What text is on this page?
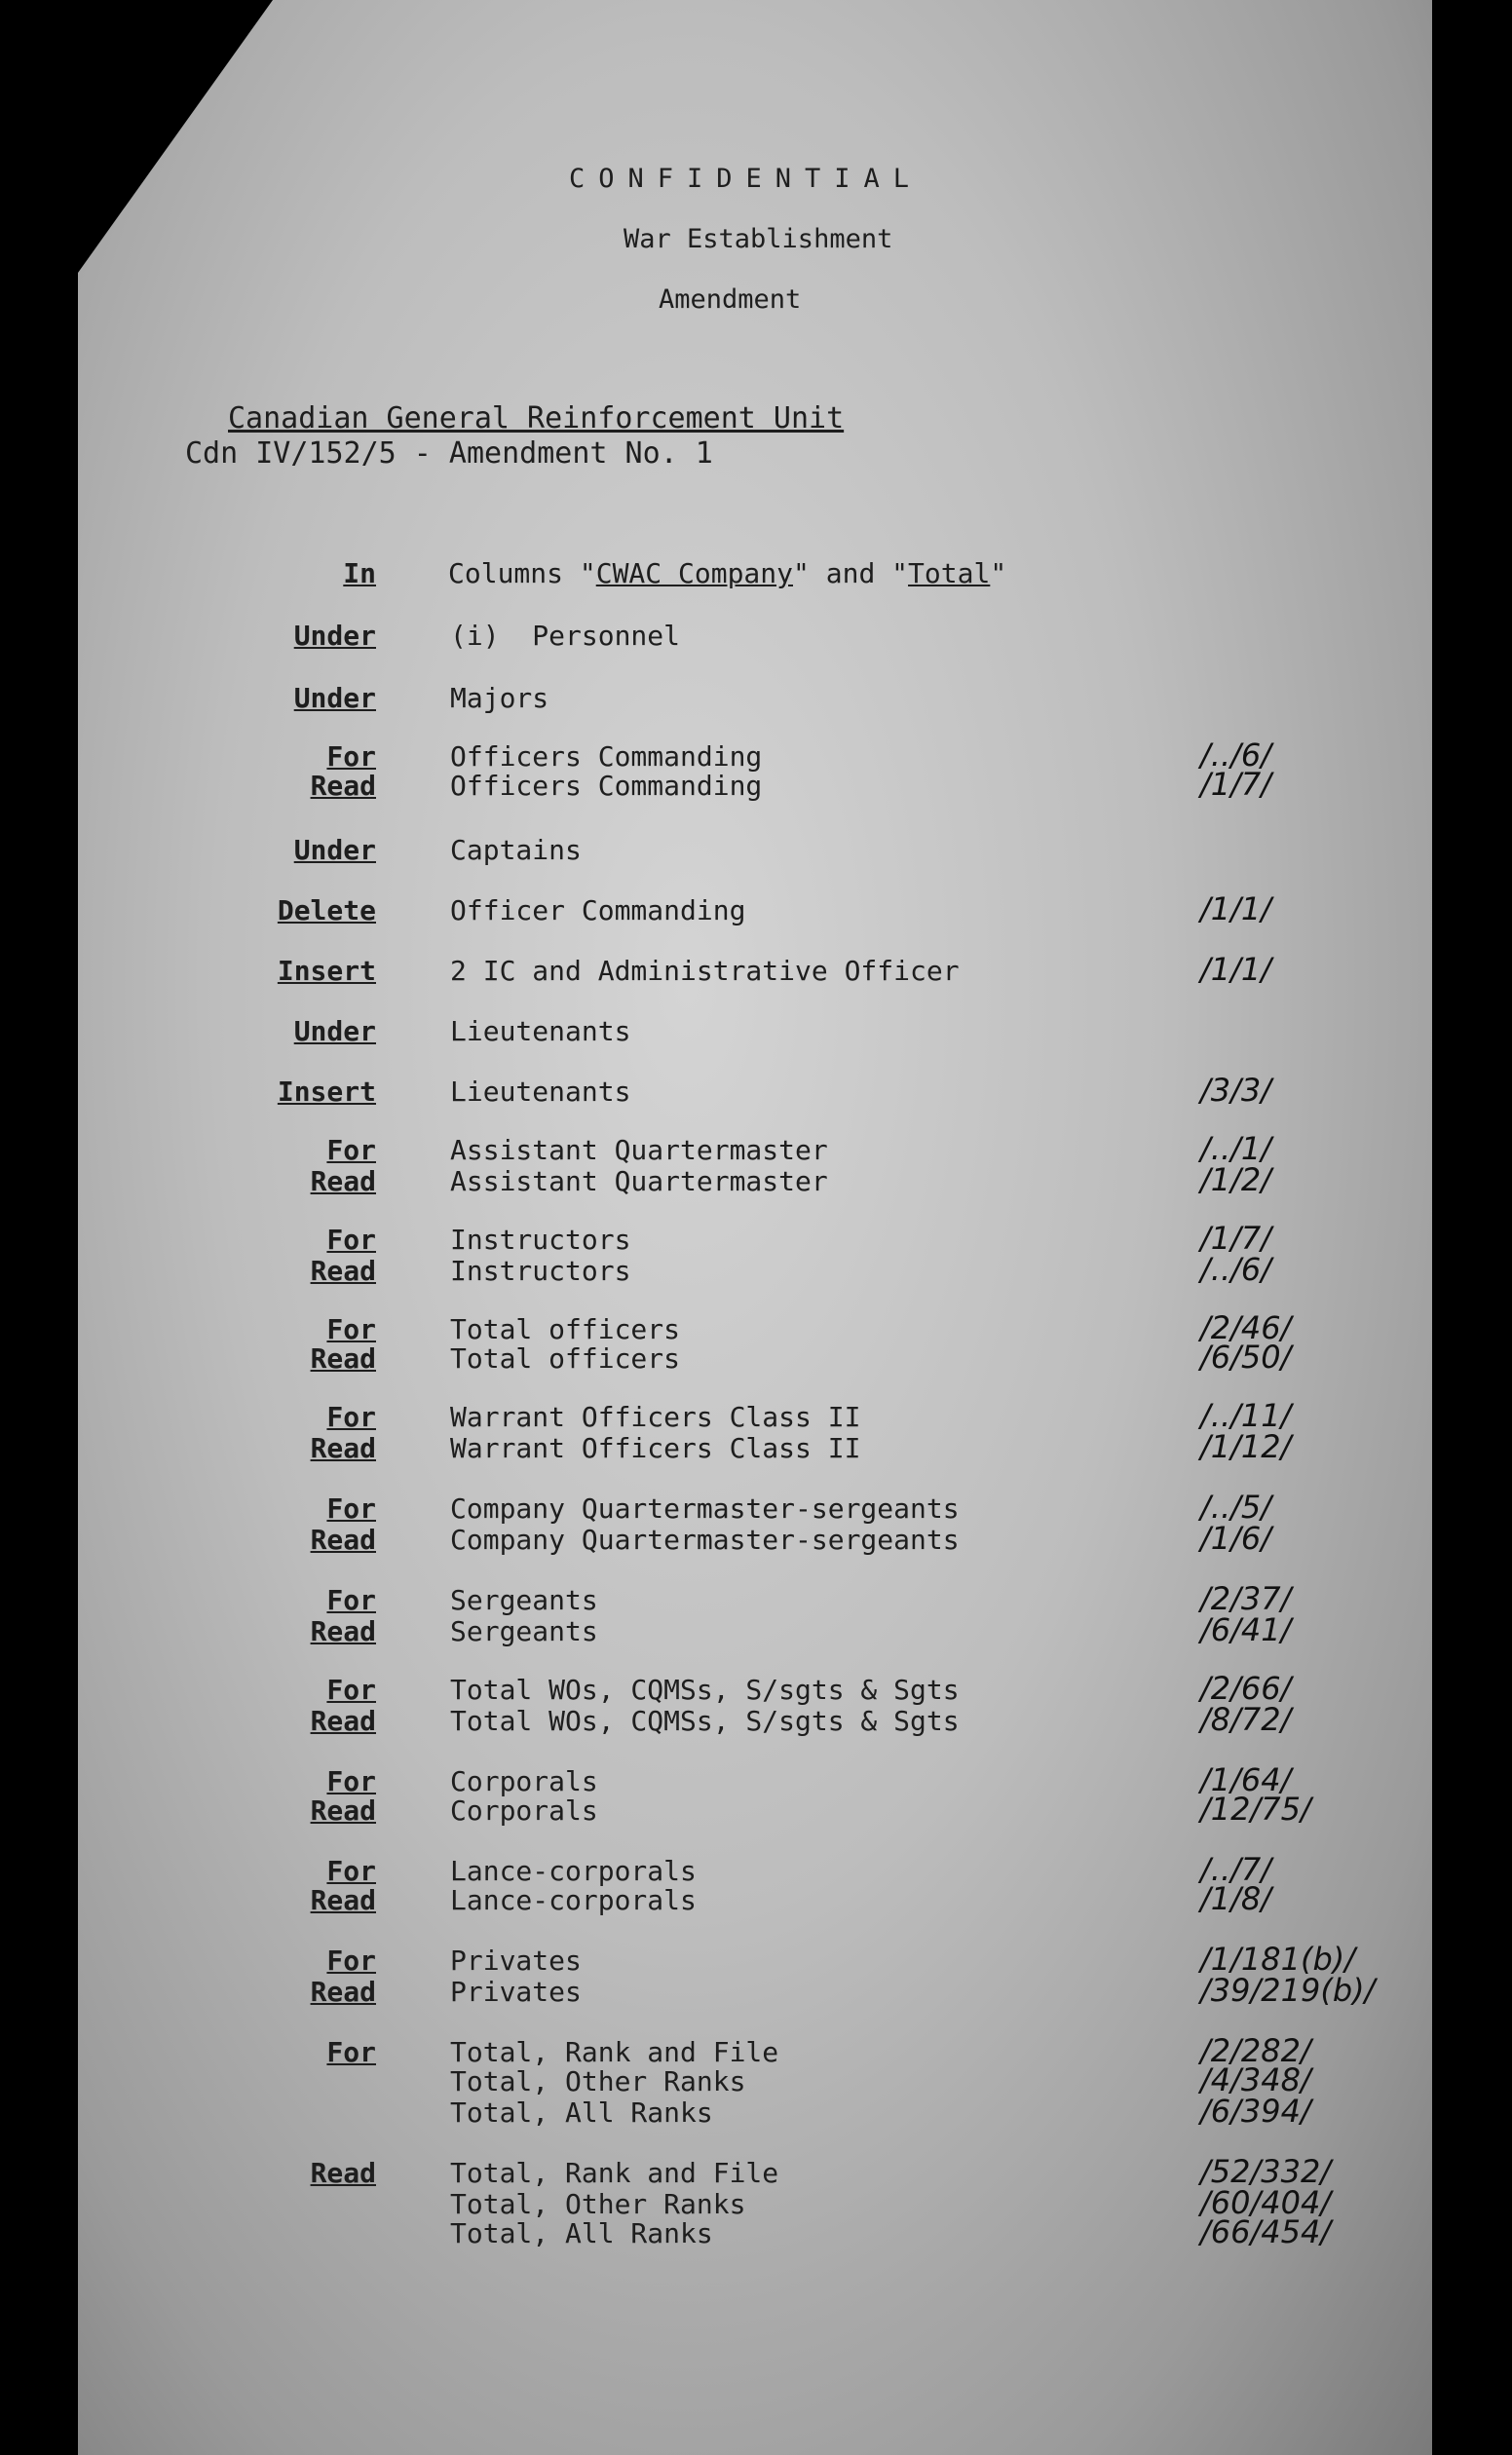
CONFIDENTIAL
War Establishment
Amendment
Canadian General Reinforcement Unit
Cdn IV/152/5 - Amendment No. 1
In	Columns "CWAC Company" and "Total"
Under	(i)  Personnel
Under	Majors
For	Officers Commanding	/../6/
Read	Officers Commanding	/1/7/
Under	Captains
Delete	Officer Commanding	/1/1/
Insert	2 IC and Administrative Officer	/1/1/
Under	Lieutenants
Insert	Lieutenants	/3/3/
For	Assistant Quartermaster	/../1/
Read	Assistant Quartermaster	/1/2/
For	Instructors	/1/7/
Read	Instructors	/../6/
For	Total officers	/2/46/
Read	Total officers	/6/50/
For	Warrant Officers Class II	/../11/
Read	Warrant Officers Class II	/1/12/
For	Company Quartermaster-sergeants	/../5/
Read	Company Quartermaster-sergeants	/1/6/
For	Sergeants	/2/37/
Read	Sergeants	/6/41/
For	Total WOs, CQMSs, S/sgts & Sgts	/2/66/
Read	Total WOs, CQMSs, S/sgts & Sgts	/8/72/
For	Corporals	/1/64/
Read	Corporals	/12/75/
For	Lance-corporals	/../7/
Read	Lance-corporals	/1/8/
For	Privates	/1/181(b)/
Read	Privates	/39/219(b)/
For	Total, Rank and File	/2/282/
Total, Other Ranks	/4/348/
Total, All Ranks	/6/394/
Read	Total, Rank and File	/52/332/
Total, Other Ranks	/60/404/
Total, All Ranks	/66/454/
